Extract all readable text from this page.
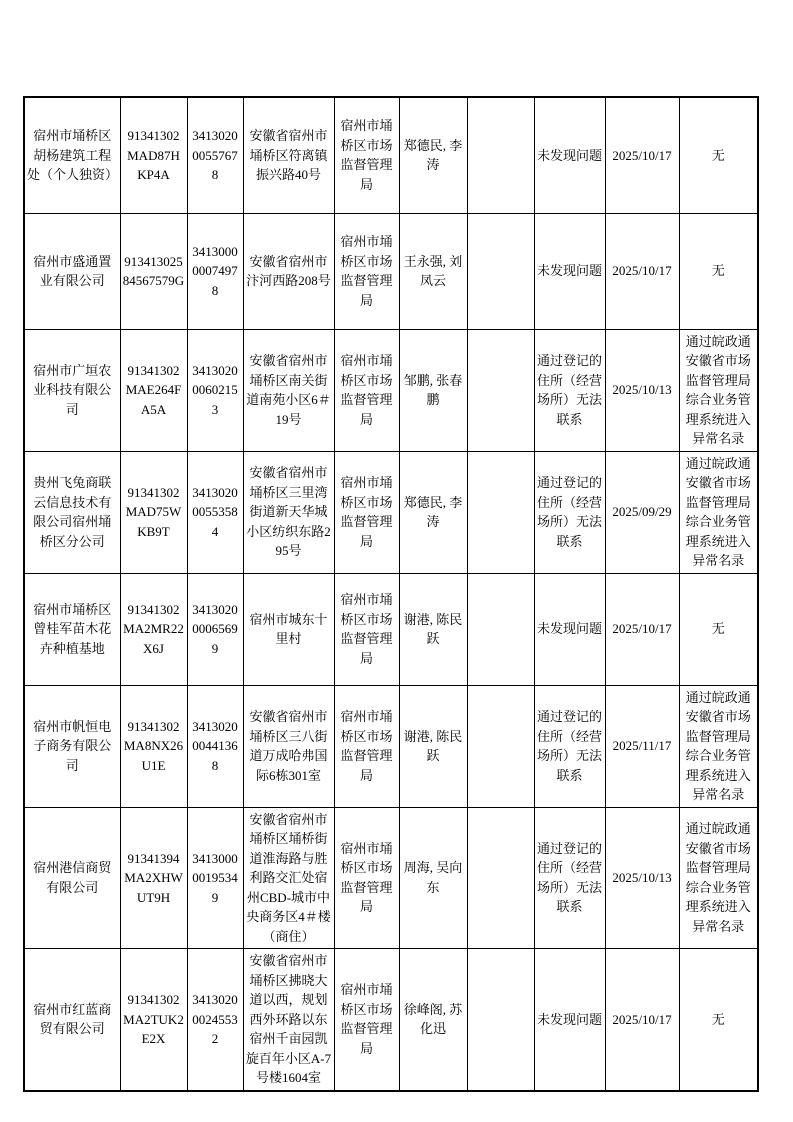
宿州市埇桥区胡杨建筑工程处（个人独资）	91341302MAD87HKP4A	341302000557678	安徽省宿州市埇桥区符离镇振兴路40号	宿州市埇桥区市场监督管理局	郑德民, 李涛		未发现问题	2025/10/17	无
宿州市盛通置业有限公司	91341302584567579G	341300000074978	安徽省宿州市汴河西路208号	宿州市埇桥区市场监督管理局	王永强, 刘凤云		未发现问题	2025/10/17	无
宿州市广垣农业科技有限公司	91341302MAE264FA5A	341302000602153	安徽省宿州市埇桥区南关街道南苑小区6＃19号	宿州市埇桥区市场监督管理局	邹鹏, 张春鹏		通过登记的住所（经营场所）无法联系	2025/10/13	通过皖政通安徽省市场监督管理局综合业务管理系统进入异常名录
贵州飞兔商联云信息技术有限公司宿州埇桥区分公司	91341302MAD75WKB9T	341302000553584	安徽省宿州市埇桥区三里湾街道新天华城小区纺织东路295号	宿州市埇桥区市场监督管理局	郑德民, 李涛		通过登记的住所（经营场所）无法联系	2025/09/29	通过皖政通安徽省市场监督管理局综合业务管理系统进入异常名录
宿州市埇桥区曾桂军苗木花卉种植基地	91341302MA2MR22X6J	341302000065699	宿州市城东十里村	宿州市埇桥区市场监督管理局	谢港, 陈民跃		未发现问题	2025/10/17	无
宿州市帆恒电子商务有限公司	91341302MA8NX26U1E	341302000441368	安徽省宿州市埇桥区三八街道万成哈弗国际6栋301室	宿州市埇桥区市场监督管理局	谢港, 陈民跃		通过登记的住所（经营场所）无法联系	2025/11/17	通过皖政通安徽省市场监督管理局综合业务管理系统进入异常名录
宿州港信商贸有限公司	91341394MA2XHWUT9H	341300000195349	安徽省宿州市埇桥区埇桥街道淮海路与胜利路交汇处宿州CBD-城市中央商务区4＃楼（商住）	宿州市埇桥区市场监督管理局	周海, 吴向东		通过登记的住所（经营场所）无法联系	2025/10/13	通过皖政通安徽省市场监督管理局综合业务管理系统进入异常名录
宿州市红蓝商贸有限公司	91341302MA2TUK2E2X	341302000245532	安徽省宿州市埇桥区拂晓大道以西，规划西外环路以东宿州千亩园凯旋百年小区A-7号楼1604室	宿州市埇桥区市场监督管理局	徐峰阁, 苏化迅		未发现问题	2025/10/17	无
